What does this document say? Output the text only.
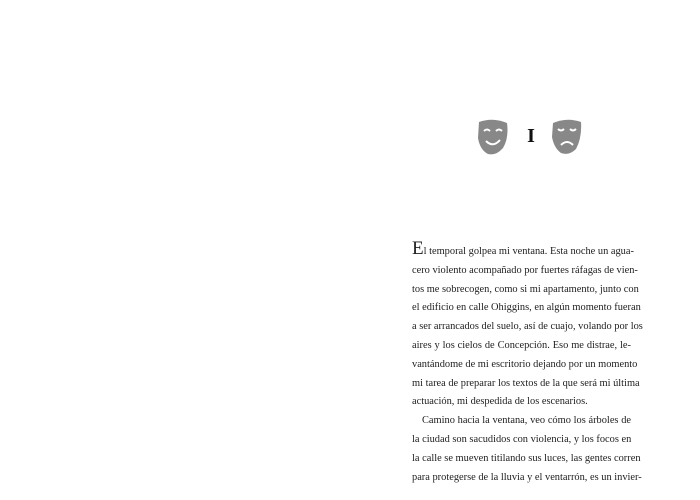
I

El temporal golpea mi ventana. Esta noche un agua-
cero violento acompañado por fuertes ráfagas de vien-
tos me sobrecogen, como si mi apartamento, junto con
el edificio en calle Ohiggins, en algún momento fueran
a ser arrancados del suelo, así de cuajo, volando por los
aires y los cielos de Concepción. Eso me distrae, le-
vantándome de mi escritorio dejando por un momento
mi tarea de preparar los textos de la que será mi última
actuación, mi despedida de los escenarios.

Camino hacia la ventana, veo cómo los árboles de
la ciudad son sacudidos con violencia, y los focos en
la calle se mueven titilando sus luces, las gentes corren
para protegerse de la lluvia y el ventarrón, es un invier-
